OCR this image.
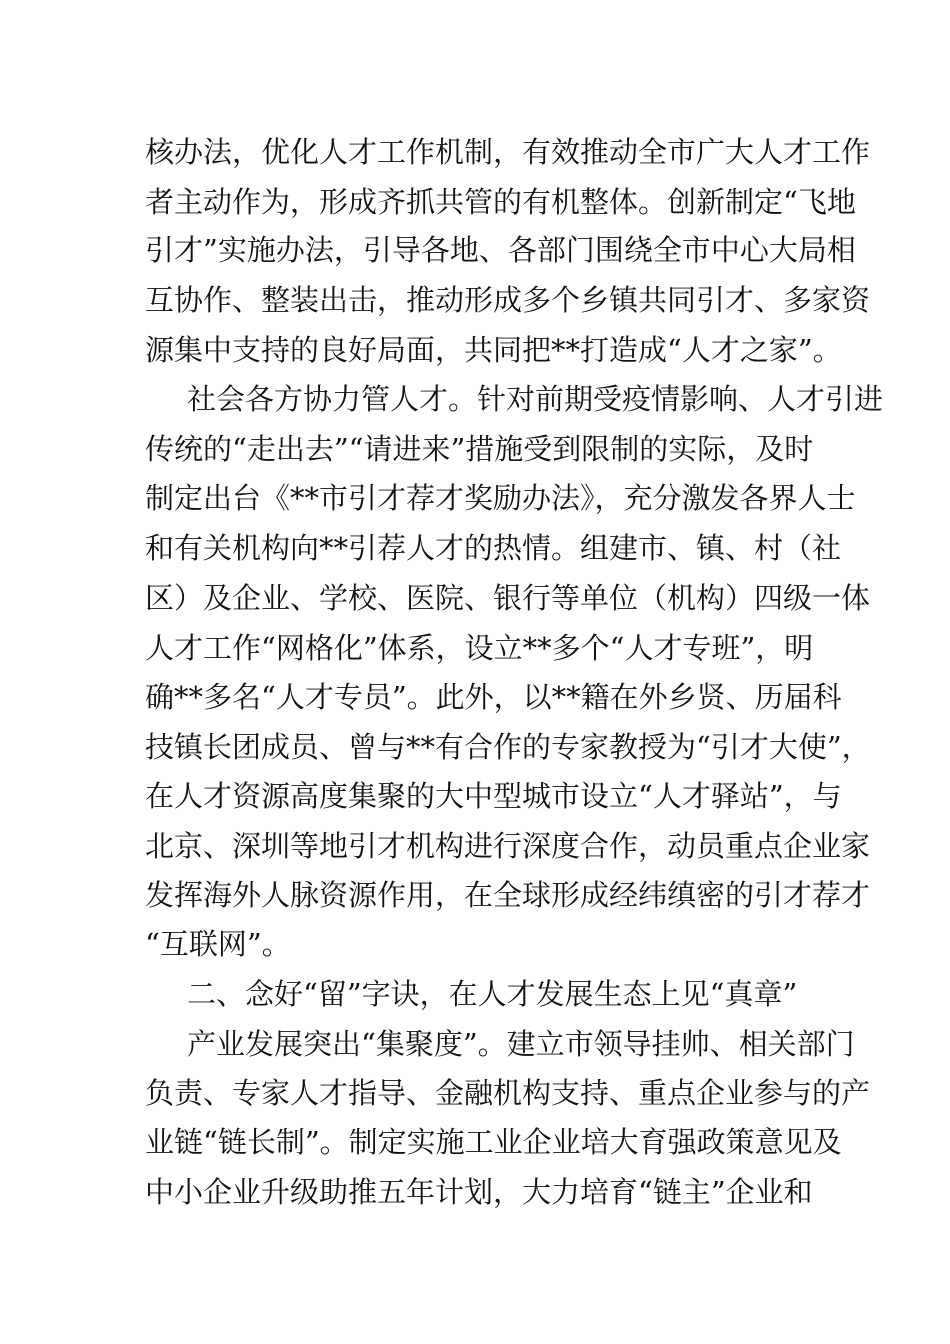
核办法，优化人才工作机制，有效推动全市广大人才工作
者主动作为，形成齐抓共管的有机整体。创新制定“飞地
引才”实施办法，引导各地、各部门围绕全市中心大局相
互协作、整装出击，推动形成多个乡镇共同引才、多家资
源集中支持的良好局面，共同把**打造成“人才之家”。
社会各方协力管人才。针对前期受疫情影响、人才引进
传统的“走出去”“请进来”措施受到限制的实际，及时
制定出台《**市引才荐才奖励办法》，充分激发各界人士
和有关机构向**引荐人才的热情。组建市、镇、村（社
区）及企业、学校、医院、银行等单位（机构）四级一体
人才工作“网格化”体系，设立**多个“人才专班”，明
确**多名“人才专员”。此外，以**籍在外乡贤、历届科
技镇长团成员、曾与**有合作的专家教授为“引才大使”，
在人才资源高度集聚的大中型城市设立“人才驿站”，与
北京、深圳等地引才机构进行深度合作，动员重点企业家
发挥海外人脉资源作用，在全球形成经纬缜密的引才荐才
“互联网”。
二、念好“留”字诀，在人才发展生态上见“真章”
产业发展突出“集聚度”。建立市领导挂帅、相关部门
负责、专家人才指导、金融机构支持、重点企业参与的产
业链“链长制”。制定实施工业企业培大育强政策意见及
中小企业升级助推五年计划，大力培育“链主”企业和
